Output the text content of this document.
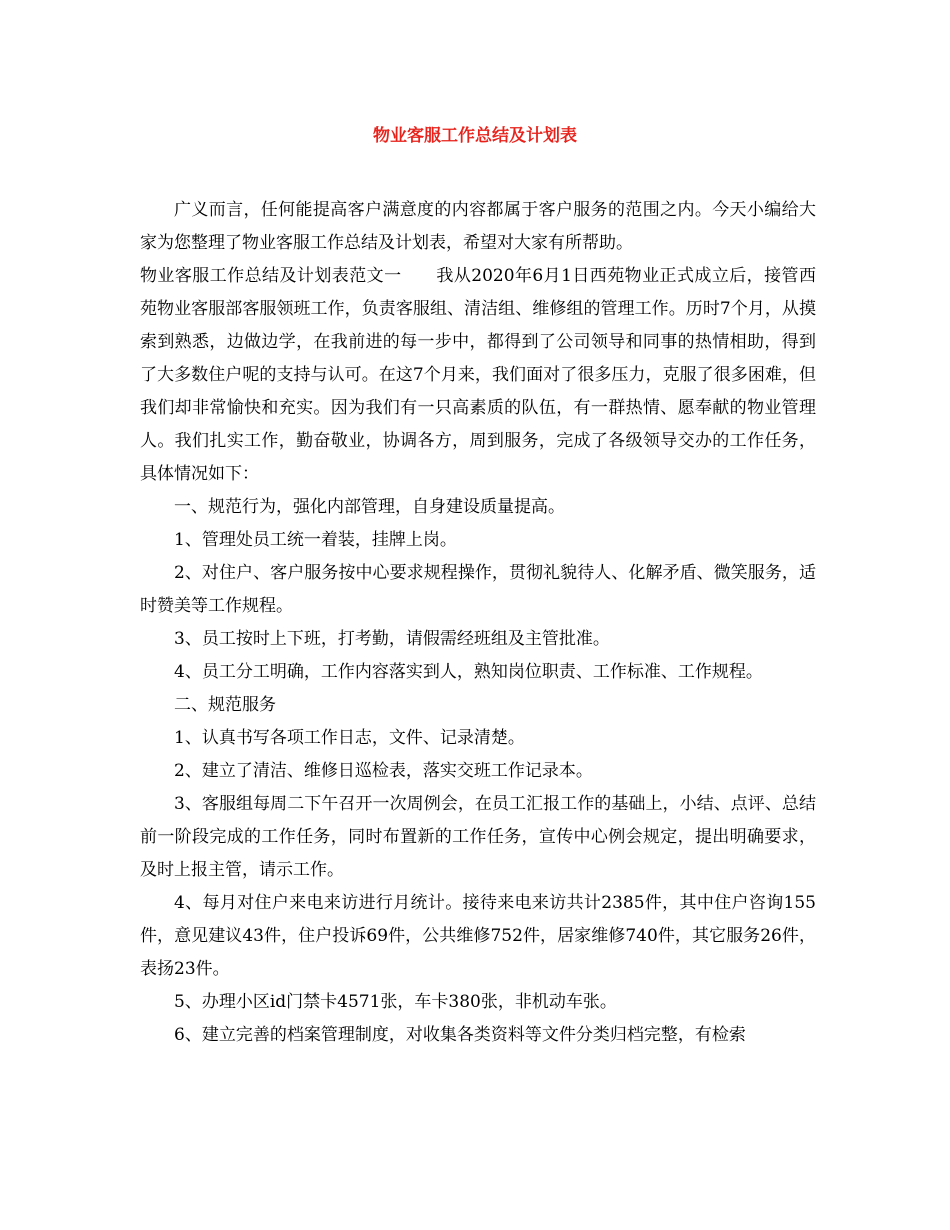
物业客服工作总结及计划表

广义而言，任何能提高客户满意度的内容都属于客户服务的范围之内。今天小编给大家为您整理了物业客服工作总结及计划表，希望对大家有所帮助。

物业客服工作总结及计划表范文一　　我从2020年6月1日西苑物业正式成立后，接管西苑物业客服部客服领班工作，负责客服组、清洁组、维修组的管理工作。历时7个月，从摸索到熟悉，边做边学，在我前进的每一步中，都得到了公司领导和同事的热情相助，得到了大多数住户呢的支持与认可。在这7个月来，我们面对了很多压力，克服了很多困难，但我们却非常愉快和充实。因为我们有一只高素质的队伍，有一群热情、愿奉献的物业管理人。我们扎实工作，勤奋敬业，协调各方，周到服务，完成了各级领导交办的工作任务，具体情况如下：

一、规范行为，强化内部管理，自身建设质量提高。

1、管理处员工统一着装，挂牌上岗。

2、对住户、客户服务按中心要求规程操作，贯彻礼貌待人、化解矛盾、微笑服务，适时赞美等工作规程。

3、员工按时上下班，打考勤，请假需经班组及主管批准。

4、员工分工明确，工作内容落实到人，熟知岗位职责、工作标准、工作规程。

二、规范服务

1、认真书写各项工作日志，文件、记录清楚。

2、建立了清洁、维修日巡检表，落实交班工作记录本。

3、客服组每周二下午召开一次周例会，在员工汇报工作的基础上，小结、点评、总结前一阶段完成的工作任务，同时布置新的工作任务，宣传中心例会规定，提出明确要求，及时上报主管，请示工作。

4、每月对住户来电来访进行月统计。接待来电来访共计2385件，其中住户咨询155件，意见建议43件，住户投诉69件，公共维修752件，居家维修740件，其它服务26件，表扬23件。

5、办理小区id门禁卡4571张，车卡380张，非机动车张。

6、建立完善的档案管理制度，对收集各类资料等文件分类归档完整，有检索
